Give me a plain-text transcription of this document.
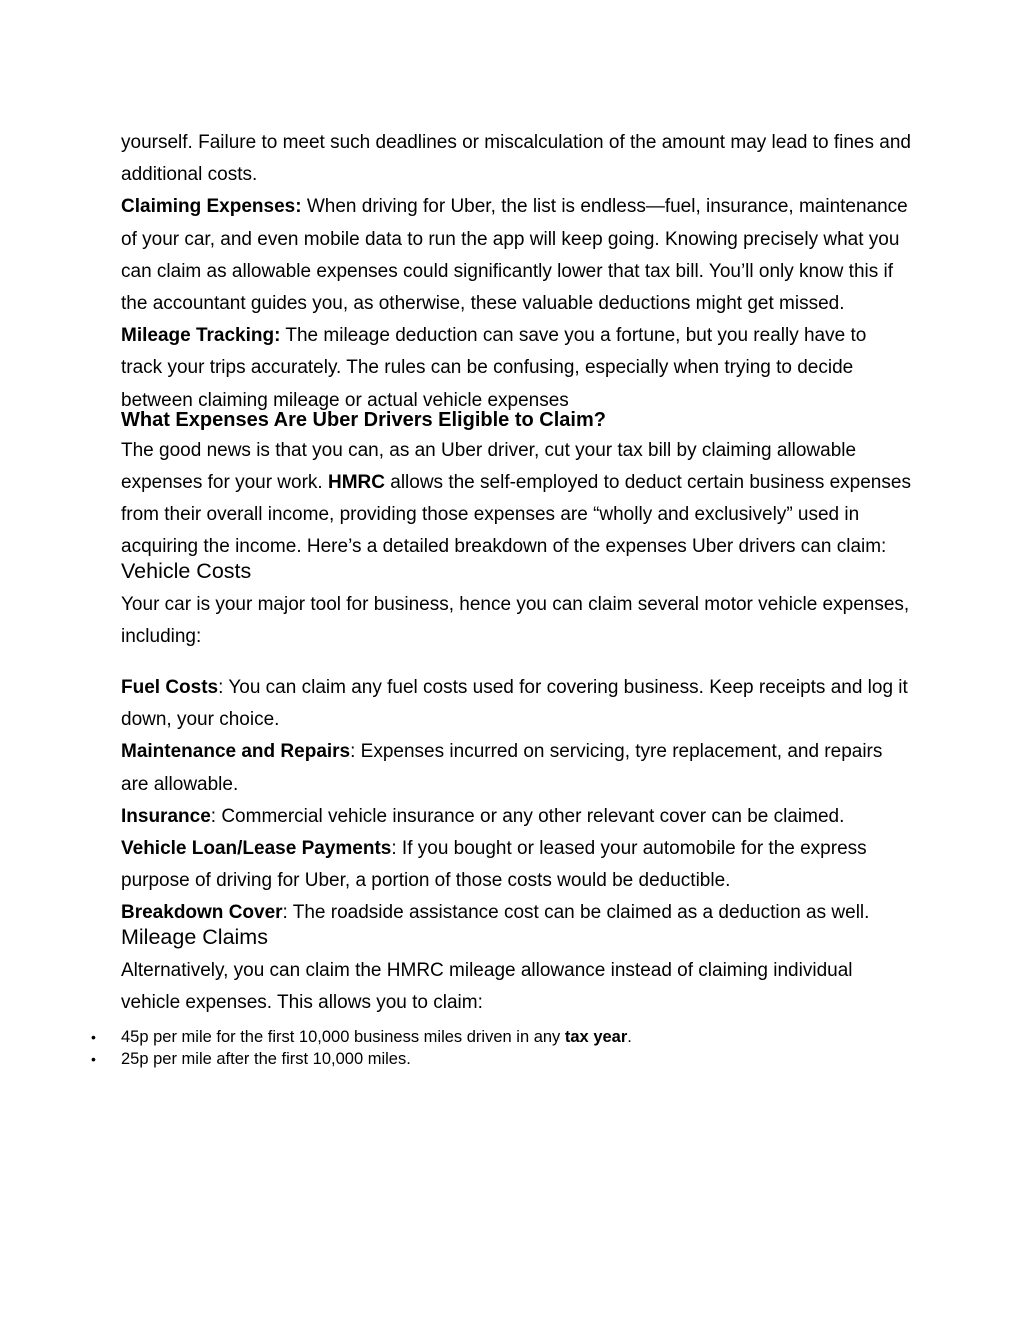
yourself. Failure to meet such deadlines or miscalculation of the amount may lead to fines and additional costs.

Claiming Expenses: When driving for Uber, the list is endless—fuel, insurance, maintenance of your car, and even mobile data to run the app will keep going. Knowing precisely what you can claim as allowable expenses could significantly lower that tax bill. You’ll only know this if the accountant guides you, as otherwise, these valuable deductions might get missed.

Mileage Tracking: The mileage deduction can save you a fortune, but you really have to track your trips accurately. The rules can be confusing, especially when trying to decide between claiming mileage or actual vehicle expenses

What Expenses Are Uber Drivers Eligible to Claim?

The good news is that you can, as an Uber driver, cut your tax bill by claiming allowable expenses for your work. HMRC allows the self-employed to deduct certain business expenses from their overall income, providing those expenses are “wholly and exclusively” used in acquiring the income. Here’s a detailed breakdown of the expenses Uber drivers can claim:

Vehicle Costs

Your car is your major tool for business, hence you can claim several motor vehicle expenses, including:

Fuel Costs: You can claim any fuel costs used for covering business. Keep receipts and log it down, your choice.

Maintenance and Repairs: Expenses incurred on servicing, tyre replacement, and repairs are allowable.

Insurance: Commercial vehicle insurance or any other relevant cover can be claimed.

Vehicle Loan/Lease Payments: If you bought or leased your automobile for the express purpose of driving for Uber, a portion of those costs would be deductible.

Breakdown Cover: The roadside assistance cost can be claimed as a deduction as well.

Mileage Claims

Alternatively, you can claim the HMRC mileage allowance instead of claiming individual vehicle expenses. This allows you to claim:

• 45p per mile for the first 10,000 business miles driven in any tax year.
• 25p per mile after the first 10,000 miles.
